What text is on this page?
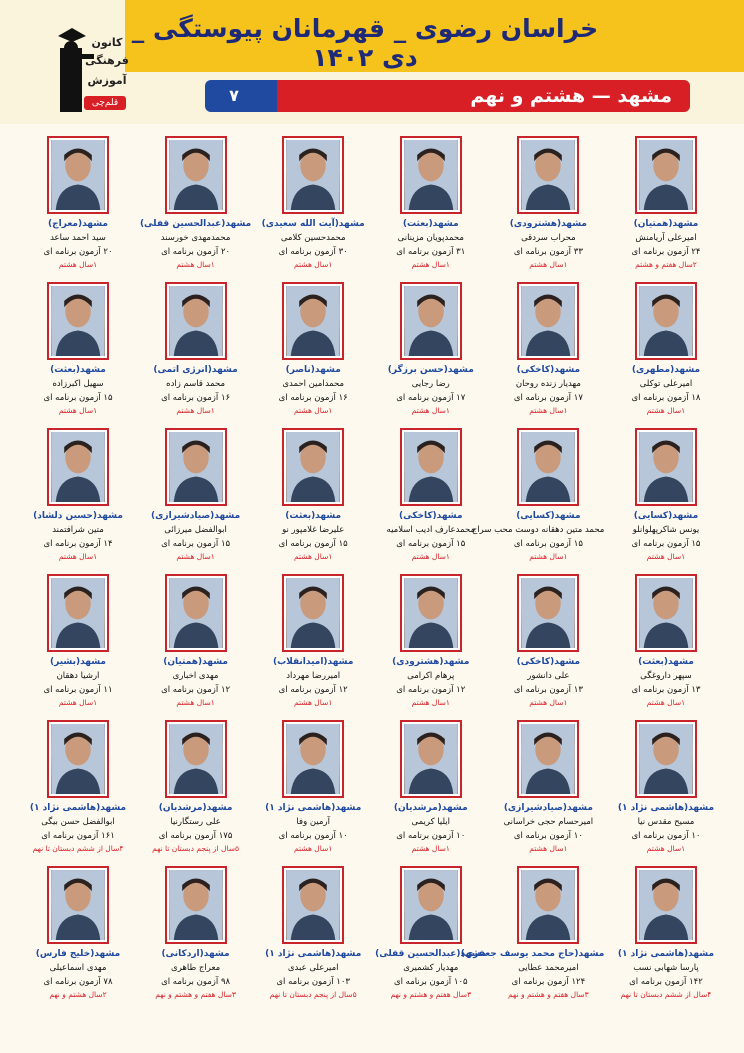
خراسان رضوی _ قهرمانان پیوستگی _ دی ۱۴۰۲
مشهد — هشتم و نهم
۷
کانون
فرهنگی
آموزش
قلم‌چی
مشهد(همتیان)
امیرعلی آریامنش
۲۴ آزمون برنامه ای
۲سال هفتم و هشتم
مشهد(هشترودی)
محراب سردقی
۳۳ آزمون برنامه ای
۱سال هشتم
مشهد(بعثت)
محمدپویان مزینانی
۳۱ آزمون برنامه ای
۱سال هشتم
مشهد(آیت الله سعیدی)
محمدحسین کلامی
۳۰ آزمون برنامه ای
۱سال هشتم
مشهد(عبدالحسین قفلی)
محمدمهدی خورسند
۲۰ آزمون برنامه ای
۱سال هشتم
مشهد(معراج)
سید احمد ساعد
۲۰ آزمون برنامه ای
۱سال هشتم
مشهد(مطهری)
امیرعلی توکلی
۱۸ آزمون برنامه ای
۱سال هشتم
مشهد(کاخکی)
مهدیار زنده روحان
۱۷ آزمون برنامه ای
۱سال هشتم
مشهد(حسن برزگر)
رضا رجایی
۱۷ آزمون برنامه ای
۱سال هشتم
مشهد(ناصر)
محمدامین احمدی
۱۶ آزمون برنامه ای
۱سال هشتم
مشهد(انرژی اتمی)
محمد قاسم زاده
۱۶ آزمون برنامه ای
۱سال هشتم
مشهد(بعثت)
سهیل اکبرزاده
۱۵ آزمون برنامه ای
۱سال هشتم
مشهد(کسایی)
یونس شاکرپهلوانلو
۱۵ آزمون برنامه ای
۱سال هشتم
مشهد(کسایی)
محمد متین دهقانه دوست محب سراج
۱۵ آزمون برنامه ای
۱سال هشتم
مشهد(کاخکی)
محمدعارف ادیب اسلامیه
۱۵ آزمون برنامه ای
۱سال هشتم
مشهد(بعثت)
علیرضا غلامپور نو
۱۵ آزمون برنامه ای
۱سال هشتم
مشهد(صیادشیرازی)
ابوالفضل میرزائی
۱۵ آزمون برنامه ای
۱سال هشتم
مشهد(حسین دلشاد)
متین شرافتمند
۱۴ آزمون برنامه ای
۱سال هشتم
مشهد(بعثت)
سپهر داروغگی
۱۳ آزمون برنامه ای
۱سال هشتم
مشهد(کاخکی)
علی دانشور
۱۳ آزمون برنامه ای
۱سال هشتم
مشهد(هشترودی)
پرهام اکرامی
۱۲ آزمون برنامه ای
۱سال هشتم
مشهد(امیدانقلاب)
امیررضا مهرداد
۱۲ آزمون برنامه ای
۱سال هشتم
مشهد(همتیان)
مهدی اخباری
۱۲ آزمون برنامه ای
۱سال هشتم
مشهد(بشیر)
ارشیا دهقان
۱۱ آزمون برنامه ای
۱سال هشتم
مشهد(هاشمی نژاد ۱)
مسیح مقدس نیا
۱۰ آزمون برنامه ای
۱سال هشتم
مشهد(صیادشیرازی)
امیرحسام حجی خراسانی
۱۰ آزمون برنامه ای
۱سال هشتم
مشهد(مرشدیان)
ایلیا کریمی
۱۰ آزمون برنامه ای
۱سال هشتم
مشهد(هاشمی نژاد ۱)
آرمین وفا
۱۰ آزمون برنامه ای
۱سال هشتم
مشهد(مرشدیان)
علی رستگارنیا
۱۷۵ آزمون برنامه ای
۵سال از پنجم دبستان تا نهم
مشهد(هاشمی نژاد ۱)
ابوالفضل حسن بیگی
۱۶۱ آزمون برنامه ای
۴سال از ششم دبستان تا نهم
مشهد(هاشمی نژاد ۱)
پارسا شهابی نسب
۱۴۲ آزمون برنامه ای
۴سال از ششم دبستان تا نهم
مشهد(حاج محمد یوسف جعفری)
امیرمحمد عطایی
۱۲۴ آزمون برنامه ای
۳سال هفتم و هشتم و نهم
مشهد(عبدالحسین قفلی)
مهدیار کشمیری
۱۰۵ آزمون برنامه ای
۳سال هفتم و هشتم و نهم
مشهد(هاشمی نژاد ۱)
امیرعلی عبدی
۱۰۳ آزمون برنامه ای
۵سال از پنجم دبستان تا نهم
مشهد(اردکانی)
معراج طاهری
۹۸ آزمون برنامه ای
۳سال هفتم و هشتم و نهم
مشهد(خلیج فارس)
مهدی اسماعیلی
۷۸ آزمون برنامه ای
۲سال هشتم و نهم
